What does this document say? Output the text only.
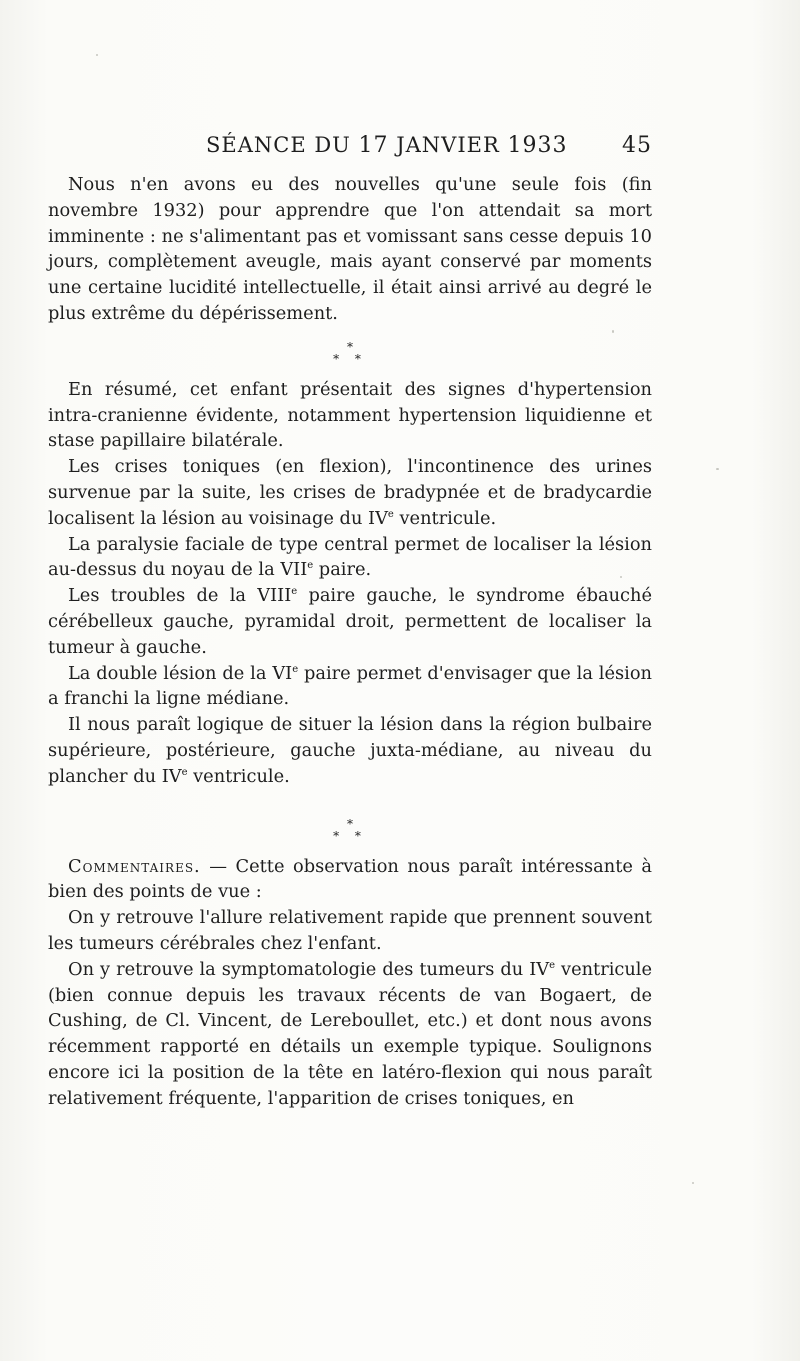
SÉANCE DU 17 JANVIER 1933 45

Nous n'en avons eu des nouvelles qu'une seule fois (fin novembre 1932) pour apprendre que l'on attendait sa mort imminente : ne s'alimentant pas et vomissant sans cesse depuis 10 jours, complètement aveugle, mais ayant conservé par moments une certaine lucidité intellectuelle, il était ainsi arrivé au degré le plus extrême du dépérissement.

*
* *

En résumé, cet enfant présentait des signes d'hypertension intra-cranienne évidente, notamment hypertension liquidienne et stase papillaire bilatérale.

Les crises toniques (en flexion), l'incontinence des urines survenue par la suite, les crises de bradypnée et de bradycardie localisent la lésion au voisinage du IVe ventricule.

La paralysie faciale de type central permet de localiser la lésion au-dessus du noyau de la VIIe paire.

Les troubles de la VIIIe paire gauche, le syndrome ébauché cérébelleux gauche, pyramidal droit, permettent de localiser la tumeur à gauche.

La double lésion de la VIe paire permet d'envisager que la lésion a franchi la ligne médiane.

Il nous paraît logique de situer la lésion dans la région bulbaire supérieure, postérieure, gauche juxta-médiane, au niveau du plancher du IVe ventricule.

*
* *

Commentaires. — Cette observation nous paraît intéressante à bien des points de vue :

On y retrouve l'allure relativement rapide que prennent souvent les tumeurs cérébrales chez l'enfant.

On y retrouve la symptomatologie des tumeurs du IVe ventricule (bien connue depuis les travaux récents de van Bogaert, de Cushing, de Cl. Vincent, de Lereboullet, etc.) et dont nous avons récemment rapporté en détails un exemple typique. Soulignons encore ici la position de la tête en latéro-flexion qui nous paraît relativement fréquente, l'apparition de crises toniques, en
